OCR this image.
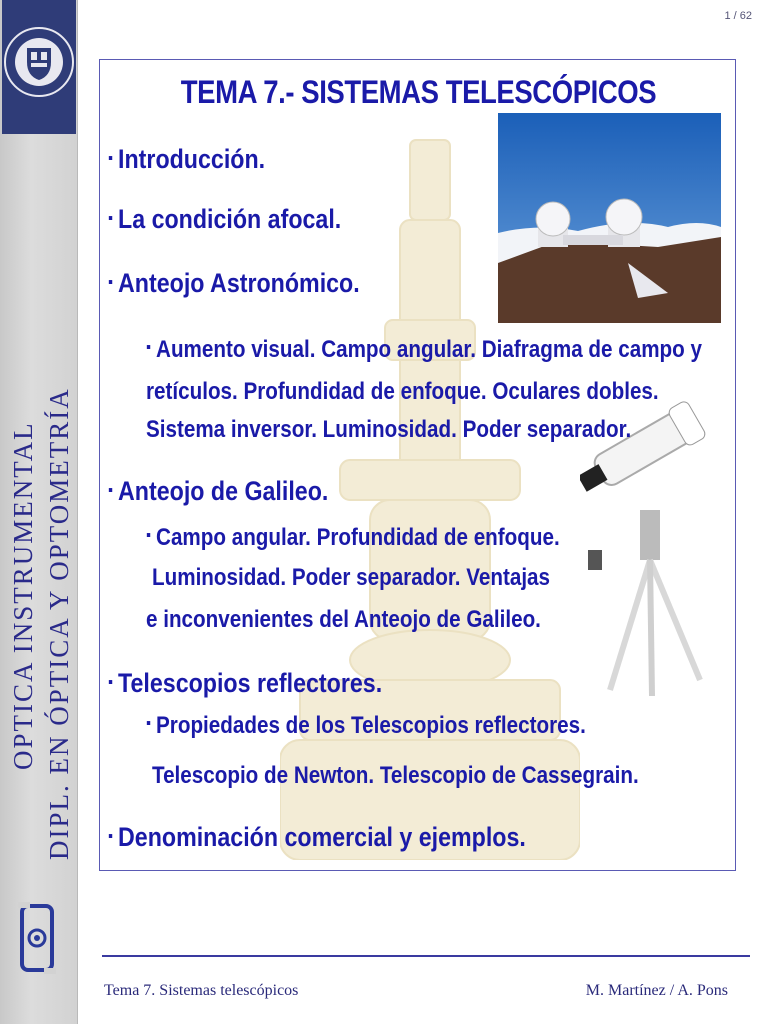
OPTICA INSTRUMENTAL DIPL. EN ÓPTICA Y OPTOMETRÍA
1 / 62
TEMA 7.- SISTEMAS TELESCÓPICOS
▪ Introducción.
▪ La condición afocal.
▪ Anteojo Astronómico.
▪ Aumento visual. Campo angular. Diafragma de campo y
retículos. Profundidad de enfoque. Oculares dobles.
Sistema inversor. Luminosidad. Poder separador.
▪ Anteojo de Galileo.
▪ Campo angular. Profundidad de enfoque.
Luminosidad. Poder separador. Ventajas
e inconvenientes del Anteojo de Galileo.
▪ Telescopios reflectores.
▪ Propiedades de los Telescopios reflectores.
Telescopio de Newton. Telescopio de Cassegrain.
▪ Denominación comercial y ejemplos.
Tema 7. Sistemas telescópicos	M. Martínez / A. Pons
